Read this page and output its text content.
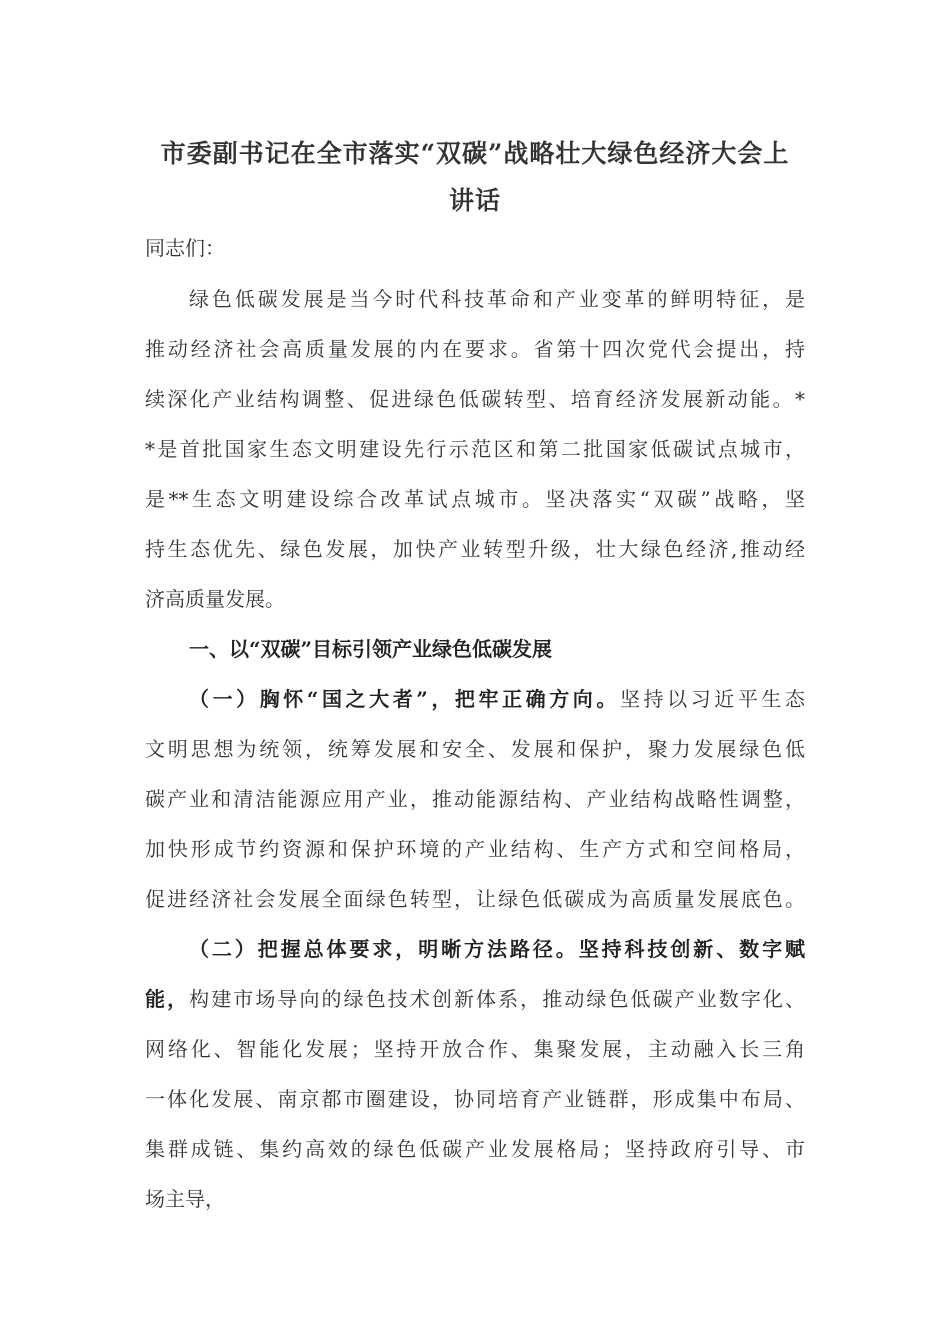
市委副书记在全市落实“双碳”战略壮大绿色经济大会上
讲话
同志们：
绿色低碳发展是当今时代科技革命和产业变革的鲜明特征，是
推动经济社会高质量发展的内在要求。省第十四次党代会提出，持
续深化产业结构调整、促进绿色低碳转型、培育经济发展新动能。*
*是首批国家生态文明建设先行示范区和第二批国家低碳试点城市，
是**生态文明建设综合改革试点城市。坚决落实“双碳”战略，坚
持生态优先、绿色发展，加快产业转型升级，壮大绿色经济,推动经
济高质量发展。
一、以“双碳”目标引领产业绿色低碳发展
（一）胸怀“国之大者”，把牢正确方向。坚持以习近平生态
文明思想为统领，统筹发展和安全、发展和保护，聚力发展绿色低
碳产业和清洁能源应用产业，推动能源结构、产业结构战略性调整，
加快形成节约资源和保护环境的产业结构、生产方式和空间格局，
促进经济社会发展全面绿色转型，让绿色低碳成为高质量发展底色。
（二）把握总体要求，明晰方法路径。坚持科技创新、数字赋
能，构建市场导向的绿色技术创新体系，推动绿色低碳产业数字化、
网络化、智能化发展；坚持开放合作、集聚发展，主动融入长三角
一体化发展、南京都市圈建设，协同培育产业链群，形成集中布局、
集群成链、集约高效的绿色低碳产业发展格局；坚持政府引导、市
场主导，
